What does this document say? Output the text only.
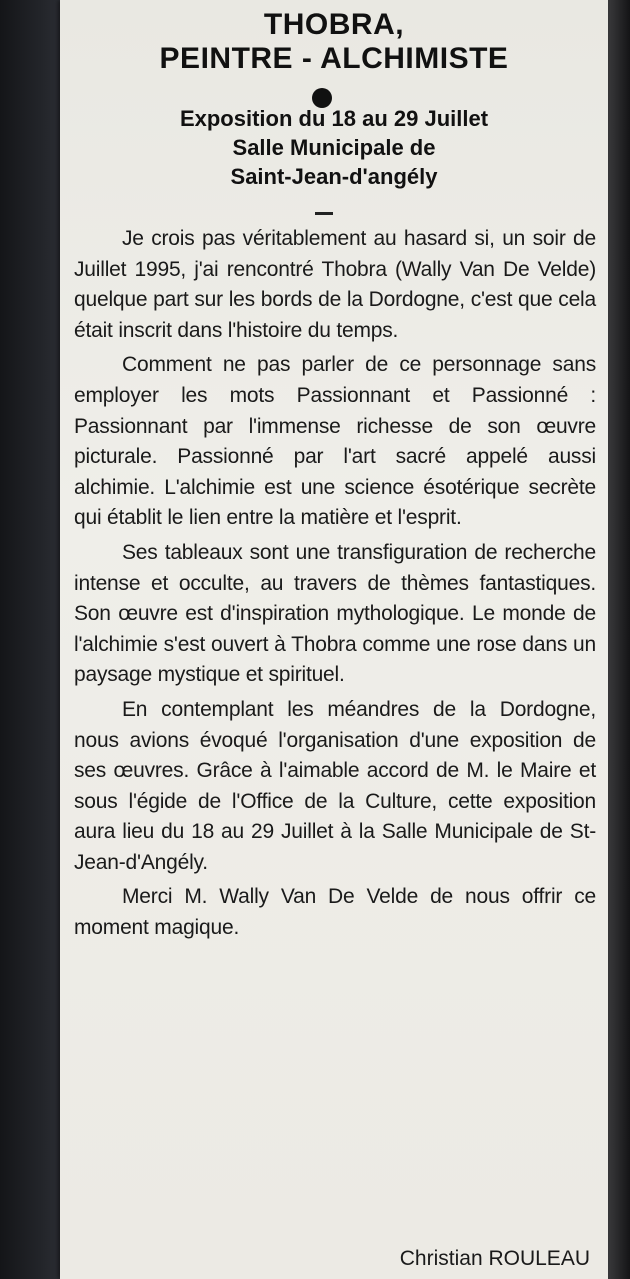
THOBRA,
PEINTRE - ALCHIMISTE
Exposition du 18 au 29 Juillet
Salle Municipale de
Saint-Jean-d'angély

Je crois pas véritablement au hasard si, un soir de Juillet 1995, j'ai rencontré Thobra (Wally Van De Velde) quelque part sur les bords de la Dordogne, c'est que cela était inscrit dans l'histoire du temps.

Comment ne pas parler de ce personnage sans employer les mots Passionnant et Passionné : Passionnant par l'immense richesse de son œuvre picturale. Passionné par l'art sacré appelé aussi alchimie. L'alchimie est une science ésotérique secrète qui établit le lien entre la matière et l'esprit.

Ses tableaux sont une transfiguration de recherche intense et occulte, au travers de thèmes fantastiques. Son œuvre est d'inspiration mythologique. Le monde de l'alchimie s'est ouvert à Thobra comme une rose dans un paysage mystique et spirituel.

En contemplant les méandres de la Dordogne, nous avions évoqué l'organisation d'une exposition de ses œuvres. Grâce à l'aimable accord de M. le Maire et sous l'égide de l'Office de la Culture, cette exposition aura lieu du 18 au 29 Juillet à la Salle Municipale de St-Jean-d'Angély.

Merci M. Wally Van De Velde de nous offrir ce moment magique.

Christian ROULEAU
